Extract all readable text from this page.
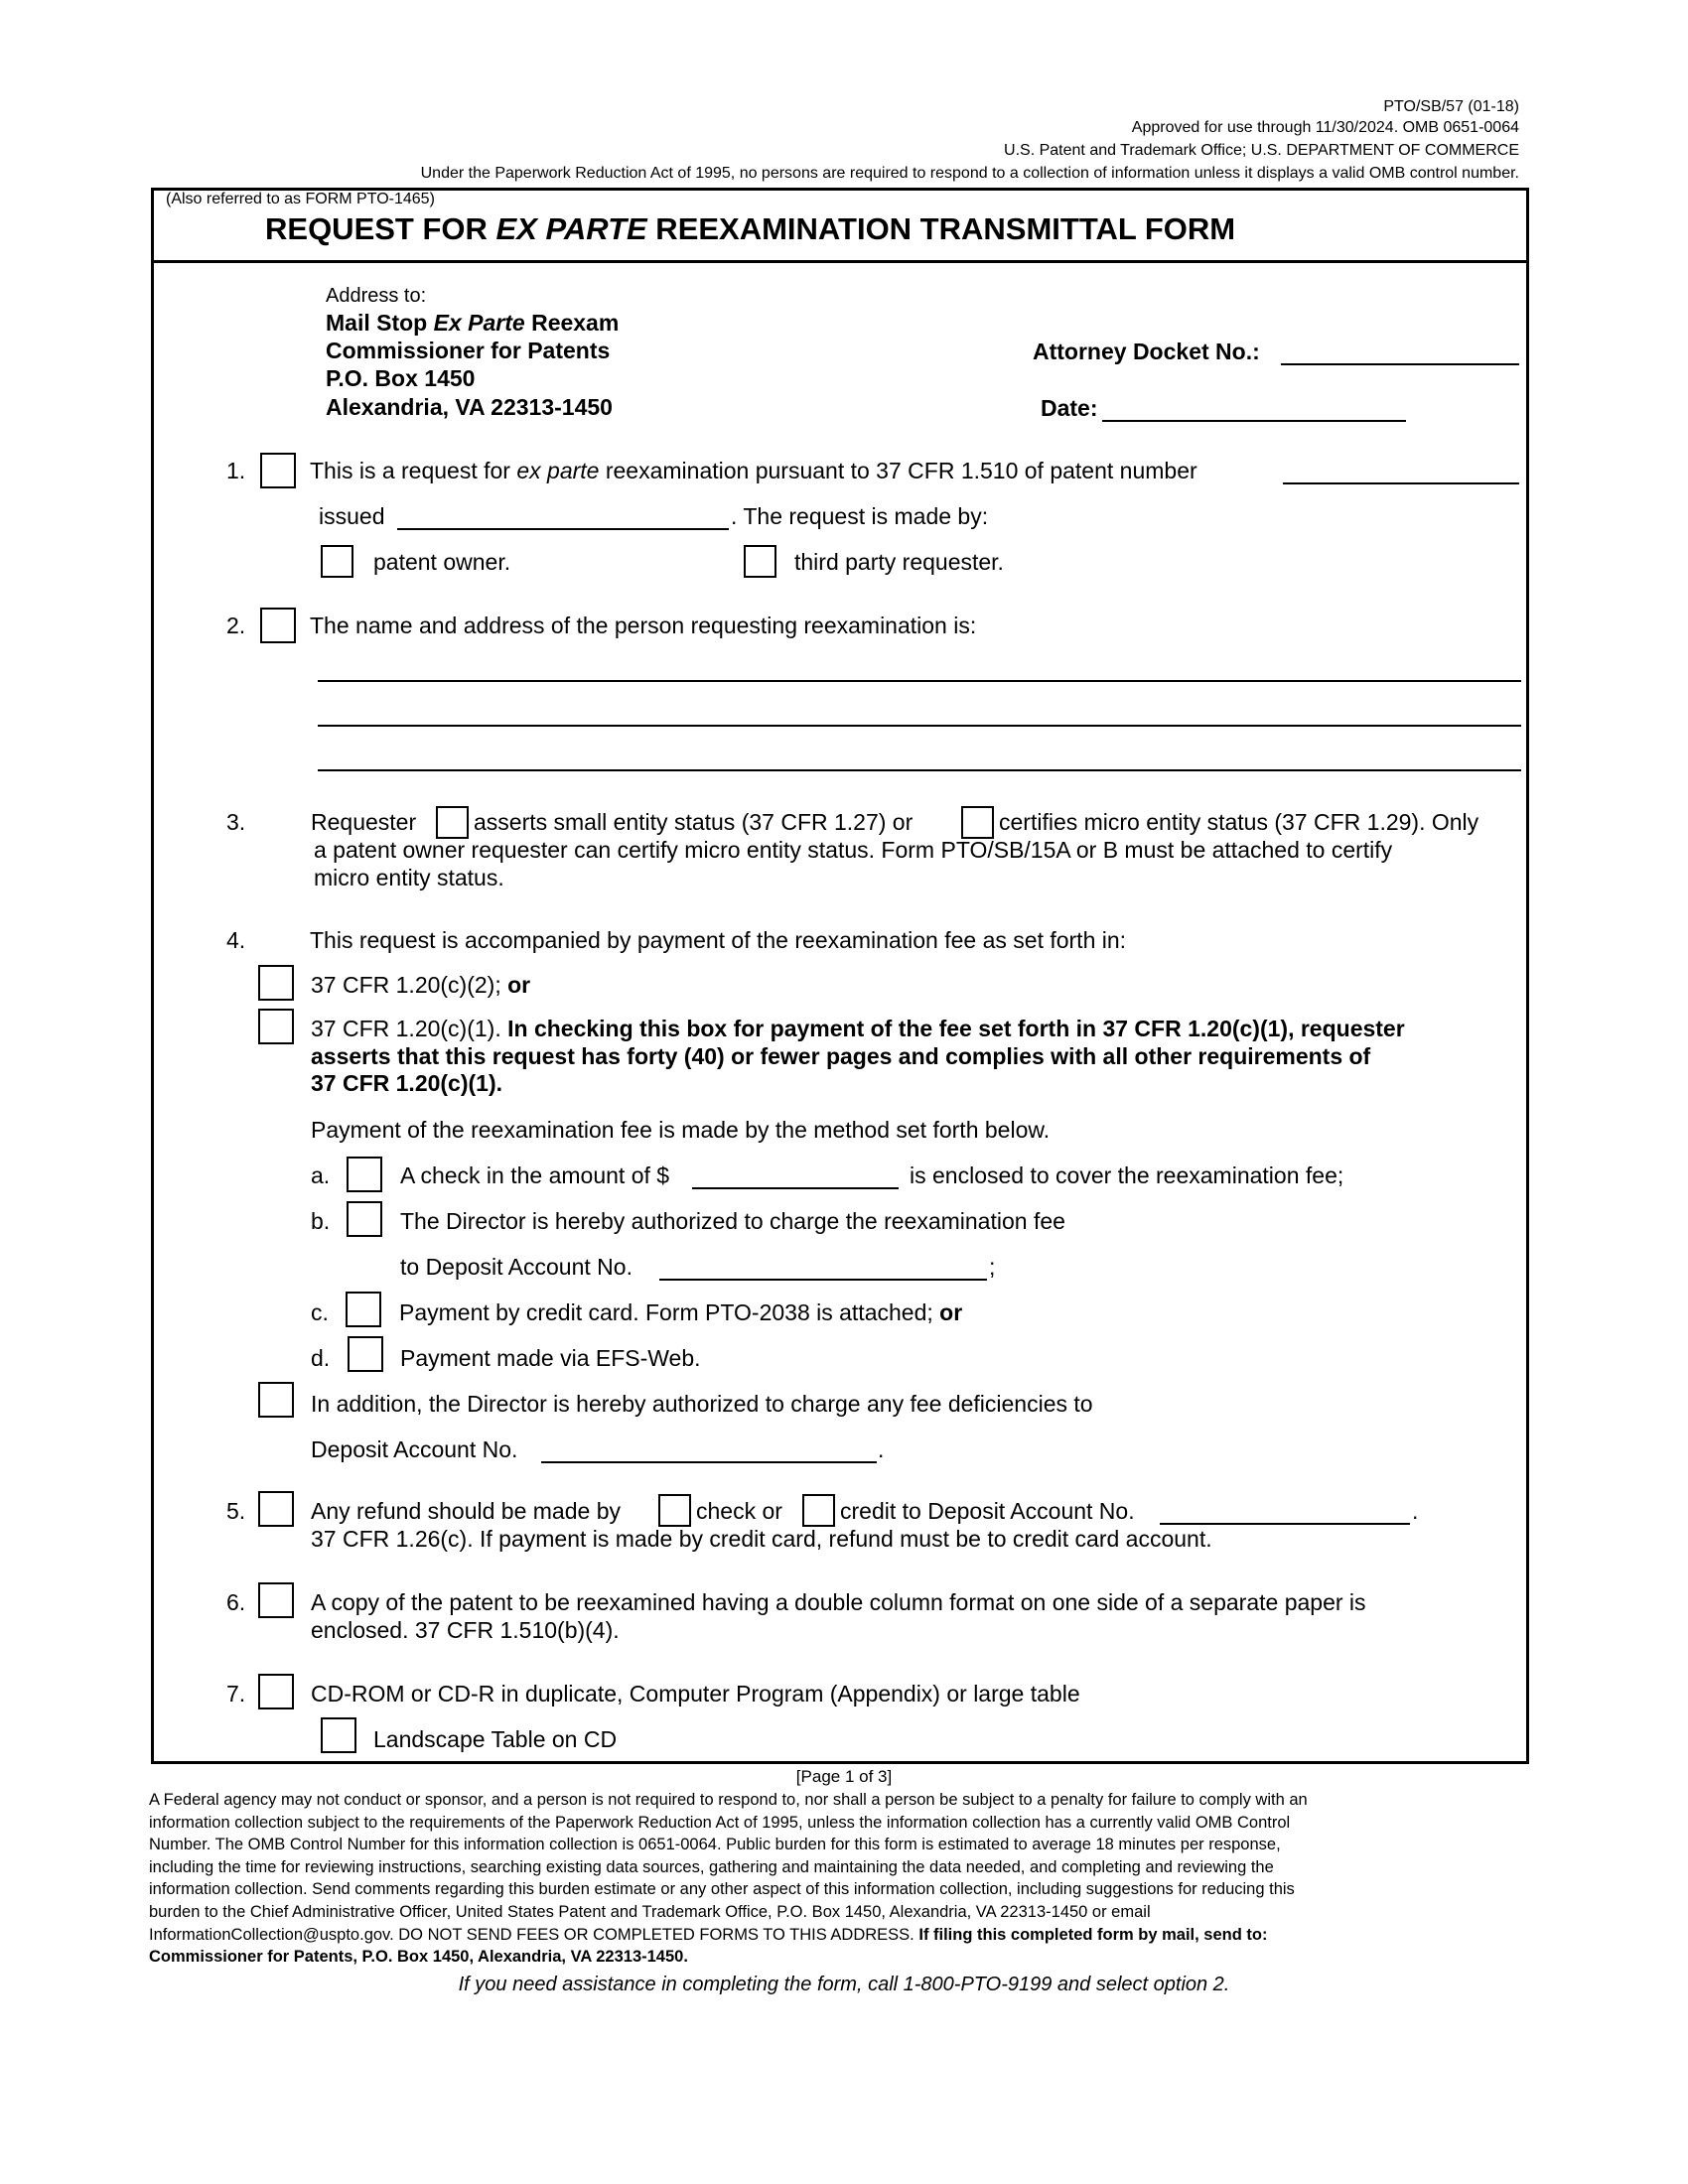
PTO/SB/57 (01-18)
Approved for use through 11/30/2024. OMB 0651-0064
U.S. Patent and Trademark Office; U.S. DEPARTMENT OF COMMERCE
Under the Paperwork Reduction Act of 1995, no persons are required to respond to a collection of information unless it displays a valid OMB control number.
(Also referred to as FORM PTO-1465)
REQUEST FOR EX PARTE REEXAMINATION TRANSMITTAL FORM
Address to:
Mail Stop Ex Parte Reexam
Commissioner for Patents
P.O. Box 1450
Alexandria, VA 22313-1450
Attorney Docket No.:
Date:
1.	This is a request for ex parte reexamination pursuant to 37 CFR 1.510 of patent number
issued	. The request is made by:
patent owner.	third party requester.
2.	The name and address of the person requesting reexamination is:
3.	Requester	asserts small entity status (37 CFR 1.27) or	certifies micro entity status (37 CFR 1.29). Only
a patent owner requester can certify micro entity status. Form PTO/SB/15A or B must be attached to certify
micro entity status.
4.	This request is accompanied by payment of the reexamination fee as set forth in:
37 CFR 1.20(c)(2); or
37 CFR 1.20(c)(1). In checking this box for payment of the fee set forth in 37 CFR 1.20(c)(1), requester
asserts that this request has forty (40) or fewer pages and complies with all other requirements of
37 CFR 1.20(c)(1).
Payment of the reexamination fee is made by the method set forth below.
a.	A check in the amount of $	is enclosed to cover the reexamination fee;
b.	The Director is hereby authorized to charge the reexamination fee
to Deposit Account No.	;
c.	Payment by credit card. Form PTO-2038 is attached; or
d.	Payment made via EFS-Web.
In addition, the Director is hereby authorized to charge any fee deficiencies to
Deposit Account No.	.
5.	Any refund should be made by	check or	credit to Deposit Account No.	.
37 CFR 1.26(c). If payment is made by credit card, refund must be to credit card account.
6.	A copy of the patent to be reexamined having a double column format on one side of a separate paper is
enclosed. 37 CFR 1.510(b)(4).
7.	CD-ROM or CD-R in duplicate, Computer Program (Appendix) or large table
Landscape Table on CD
[Page 1 of 3]
A Federal agency may not conduct or sponsor, and a person is not required to respond to, nor shall a person be subject to a penalty for failure to comply with an
information collection subject to the requirements of the Paperwork Reduction Act of 1995, unless the information collection has a currently valid OMB Control
Number. The OMB Control Number for this information collection is 0651-0064. Public burden for this form is estimated to average 18 minutes per response,
including the time for reviewing instructions, searching existing data sources, gathering and maintaining the data needed, and completing and reviewing the
information collection. Send comments regarding this burden estimate or any other aspect of this information collection, including suggestions for reducing this
burden to the Chief Administrative Officer, United States Patent and Trademark Office, P.O. Box 1450, Alexandria, VA 22313-1450 or email
InformationCollection@uspto.gov. DO NOT SEND FEES OR COMPLETED FORMS TO THIS ADDRESS. If filing this completed form by mail, send to:
Commissioner for Patents, P.O. Box 1450, Alexandria, VA 22313-1450.
If you need assistance in completing the form, call 1-800-PTO-9199 and select option 2.
